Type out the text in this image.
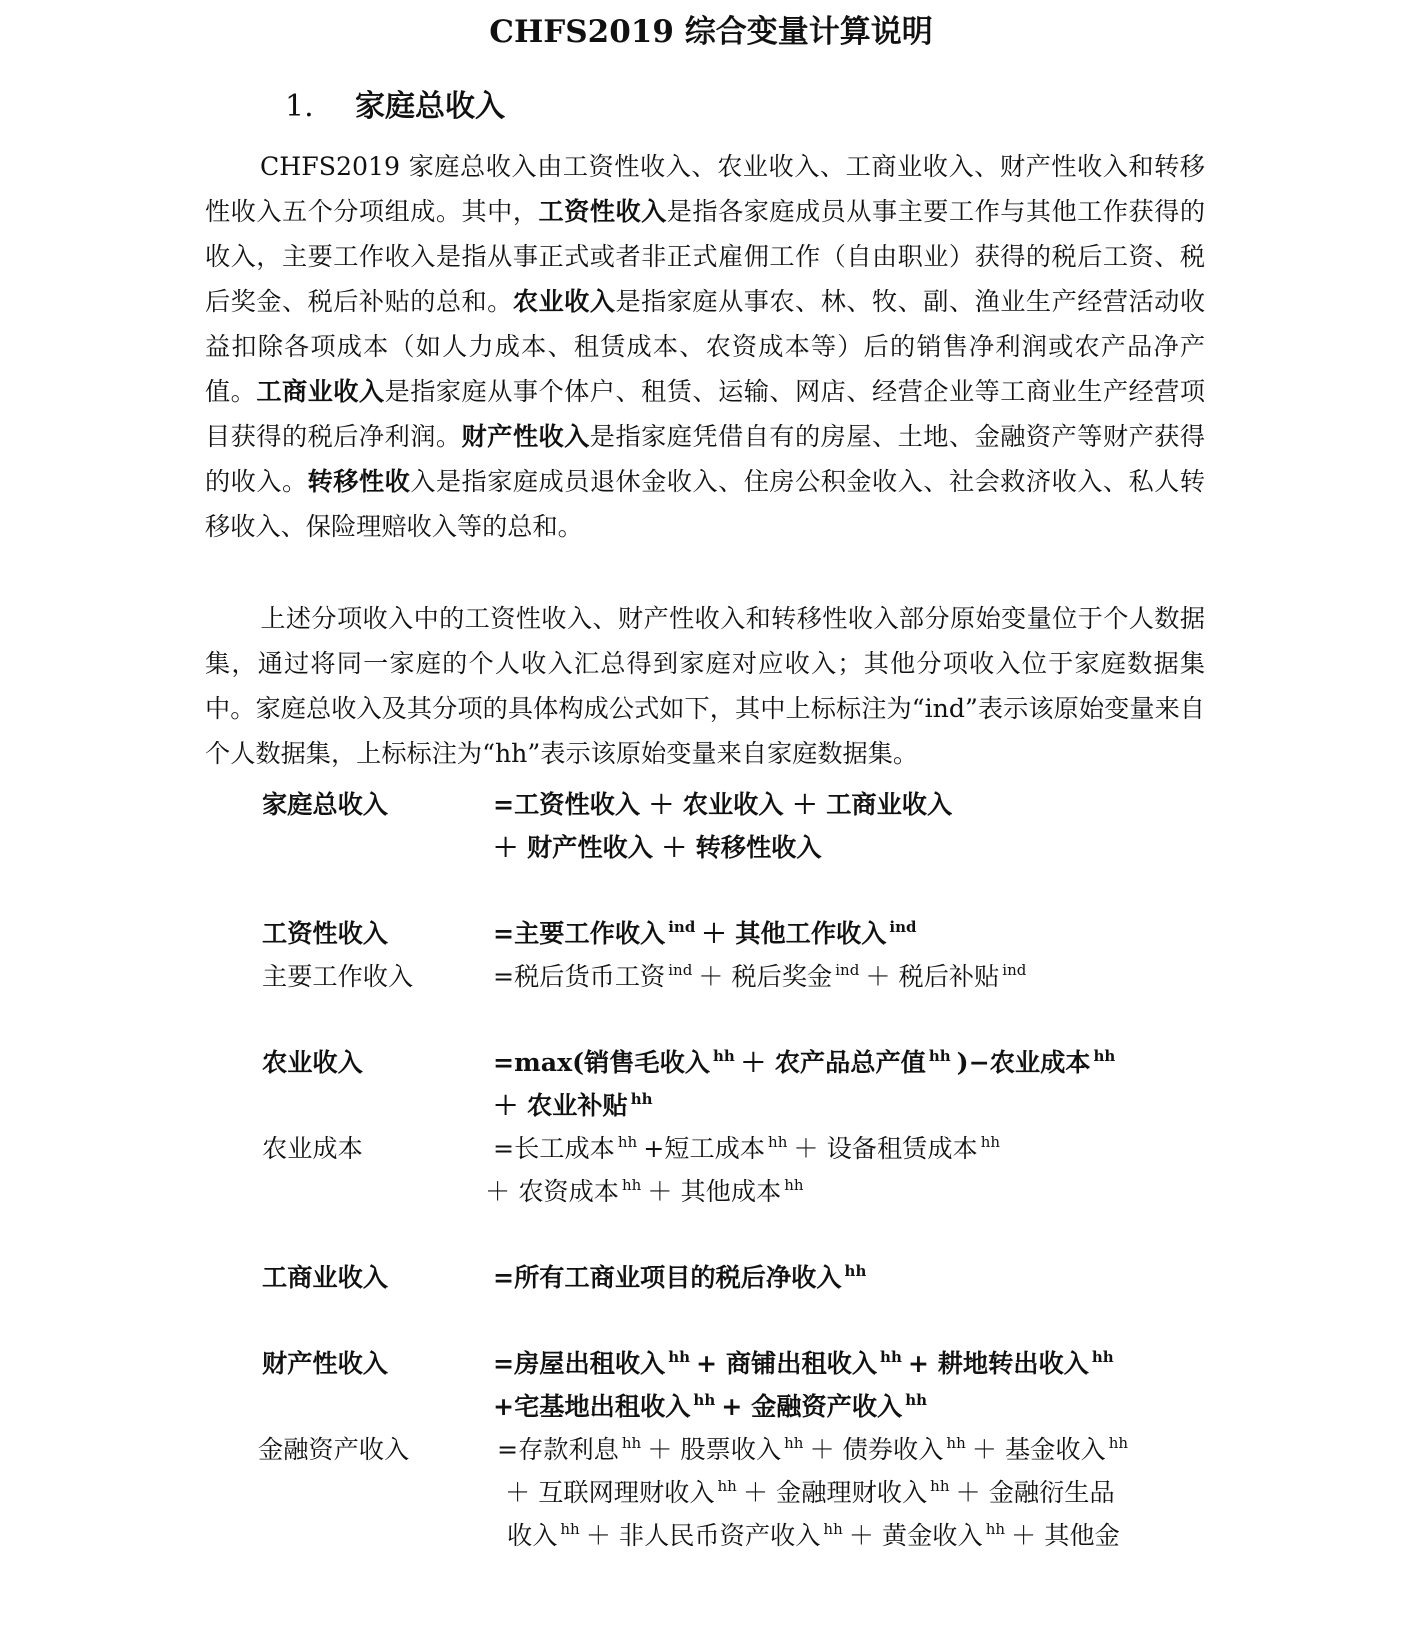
CHFS2019 综合变量计算说明
1. 家庭总收入
CHFS2019 家庭总收入由工资性收入、农业收入、工商业收入、财产性收入和转移性收入五个分项组成。其中，工资性收入是指各家庭成员从事主要工作与其他工作获得的收入，主要工作收入是指从事正式或者非正式雇佣工作（自由职业）获得的税后工资、税后奖金、税后补贴的总和。农业收入是指家庭从事农、林、牧、副、渔业生产经营活动收益扣除各项成本（如人力成本、租赁成本、农资成本等）后的销售净利润或农产品净产值。工商业收入是指家庭从事个体户、租赁、运输、网店、经营企业等工商业生产经营项目获得的税后净利润。财产性收入是指家庭凭借自有的房屋、土地、金融资产等财产获得的收入。转移性收入是指家庭成员退休金收入、住房公积金收入、社会救济收入、私人转移收入、保险理赔收入等的总和。
上述分项收入中的工资性收入、财产性收入和转移性收入部分原始变量位于个人数据集，通过将同一家庭的个人收入汇总得到家庭对应收入；其他分项收入位于家庭数据集中。家庭总收入及其分项的具体构成公式如下，其中上标标注为“ind”表示该原始变量来自个人数据集，上标标注为“hh”表示该原始变量来自家庭数据集。
家庭总收入	=工资性收入 ＋ 农业收入 ＋ 工商业收入
＋ 财产性收入 ＋ 转移性收入
工资性收入	=主要工作收入 $^{ind}$ ＋ 其他工作收入 $^{ind}$
主要工作收入	=税后货币工资 $^{ind}$ ＋ 税后奖金 $^{ind}$ ＋ 税后补贴 $^{ind}$
农业收入	=max(销售毛收入 $^{hh}$ ＋ 农产品总产值 $^{hh}$ )−农业成本 $^{hh}$
＋ 农业补贴 $^{hh}$
农业成本	=长工成本 $^{hh}$ +短工成本 $^{hh}$ ＋ 设备租赁成本 $^{hh}$
＋ 农资成本 $^{hh}$ ＋ 其他成本 $^{hh}$
工商业收入	=所有工商业项目的税后净收入 $^{hh}$
财产性收入	=房屋出租收入 $^{hh}$ + 商铺出租收入 $^{hh}$ + 耕地转出收入 $^{hh}$
+宅基地出租收入 $^{hh}$ + 金融资产收入 $^{hh}$
金融资产收入	=存款利息 $^{hh}$ ＋ 股票收入 $^{hh}$ ＋ 债券收入 $^{hh}$ ＋ 基金收入 $^{hh}$
＋ 互联网理财收入 $^{hh}$ ＋ 金融理财收入 $^{hh}$ ＋ 金融衍生品
收入 $^{hh}$ ＋ 非人民币资产收入 $^{hh}$ ＋ 黄金收入 $^{hh}$ ＋ 其他金
